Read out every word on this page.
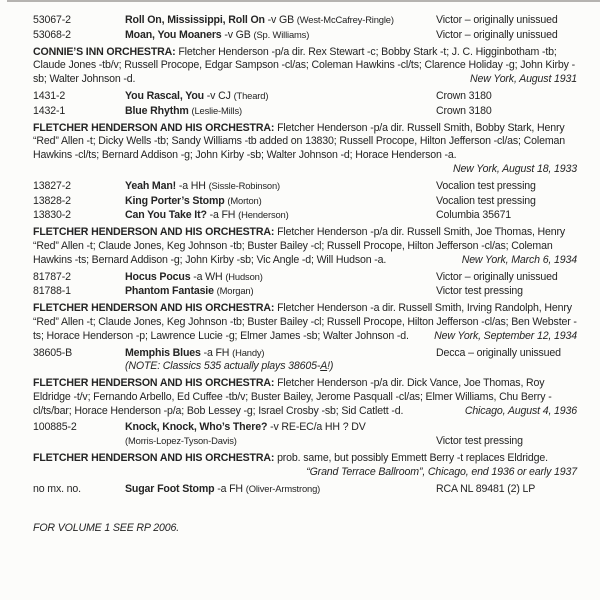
53067-2	Roll On, Mississippi, Roll On -v GB (West-McCafrey-Ringle)	Victor – originally unissued
53068-2	Moan, You Moaners -v GB (Sp. Williams)	Victor – originally unissued
CONNIE’S INN ORCHESTRA: Fletcher Henderson -p/a dir. Rex Stewart -c; Bobby Stark -t; J. C. Higginbotham -tb; Claude Jones -tb/v; Russell Procope, Edgar Sampson -cl/as; Coleman Hawkins -cl/ts; Clarence Holiday -g; John Kirby -sb; Walter Johnson -d.	New York, August 1931
1431-2	You Rascal, You -v CJ (Theard)	Crown 3180
1432-1	Blue Rhythm (Leslie-Mills)	Crown 3180
FLETCHER HENDERSON AND HIS ORCHESTRA: Fletcher Henderson -p/a dir. Russell Smith, Bobby Stark, Henry “Red” Allen -t; Dicky Wells -tb; Sandy Williams -tb added on 13830; Russell Procope, Hilton Jefferson -cl/as; Coleman Hawkins -cl/ts; Bernard Addison -g; John Kirby -sb; Walter Johnson -d; Horace Henderson -a.
New York, August 18, 1933
13827-2	Yeah Man! -a HH (Sissle-Robinson)	Vocalion test pressing
13828-2	King Porter’s Stomp (Morton)	Vocalion test pressing
13830-2	Can You Take It? -a FH (Henderson)	Columbia 35671
FLETCHER HENDERSON AND HIS ORCHESTRA: Fletcher Henderson -p/a dir. Russell Smith, Joe Thomas, Henry “Red” Allen -t; Claude Jones, Keg Johnson -tb; Buster Bailey -cl; Russell Procope, Hilton Jefferson -cl/as; Coleman Hawkins -ts; Bernard Addison -g; John Kirby -sb; Vic Angle -d; Will Hudson -a.	New York, March 6, 1934
81787-2	Hocus Pocus -a WH (Hudson)	Victor – originally unissued
81788-1	Phantom Fantasie (Morgan)	Victor test pressing
FLETCHER HENDERSON AND HIS ORCHESTRA: Fletcher Henderson -a dir. Russell Smith, Irving Randolph, Henry “Red” Allen -t; Claude Jones, Keg Johnson -tb; Buster Bailey -cl; Russell Procope, Hilton Jefferson -cl/as; Ben Webster -ts; Horace Henderson -p; Lawrence Lucie -g; Elmer James -sb; Walter Johnson -d.	New York, September 12, 1934
38605-B	Memphis Blues -a FH (Handy)	Decca – originally unissued
(NOTE: Classics 535 actually plays 38605-A!)
FLETCHER HENDERSON AND HIS ORCHESTRA: Fletcher Henderson -p/a dir. Dick Vance, Joe Thomas, Roy Eldridge -t/v; Fernando Arbello, Ed Cuffee -tb/v; Buster Bailey, Jerome Pasquall -cl/as; Elmer Williams, Chu Berry -cl/ts/bar; Horace Henderson -p/a; Bob Lessey -g; Israel Crosby -sb; Sid Catlett -d.	Chicago, August 4, 1936
100885-2	Knock, Knock, Who’s There? -v RE-EC/a HH ? DV
(Morris-Lopez-Tyson-Davis)	Victor test pressing
FLETCHER HENDERSON AND HIS ORCHESTRA: prob. same, but possibly Emmett Berry -t replaces Eldridge.
“Grand Terrace Ballroom”, Chicago, end 1936 or early 1937
no mx. no.	Sugar Foot Stomp -a FH (Oliver-Armstrong)	RCA NL 89481 (2) LP
FOR VOLUME 1 SEE RP 2006.
